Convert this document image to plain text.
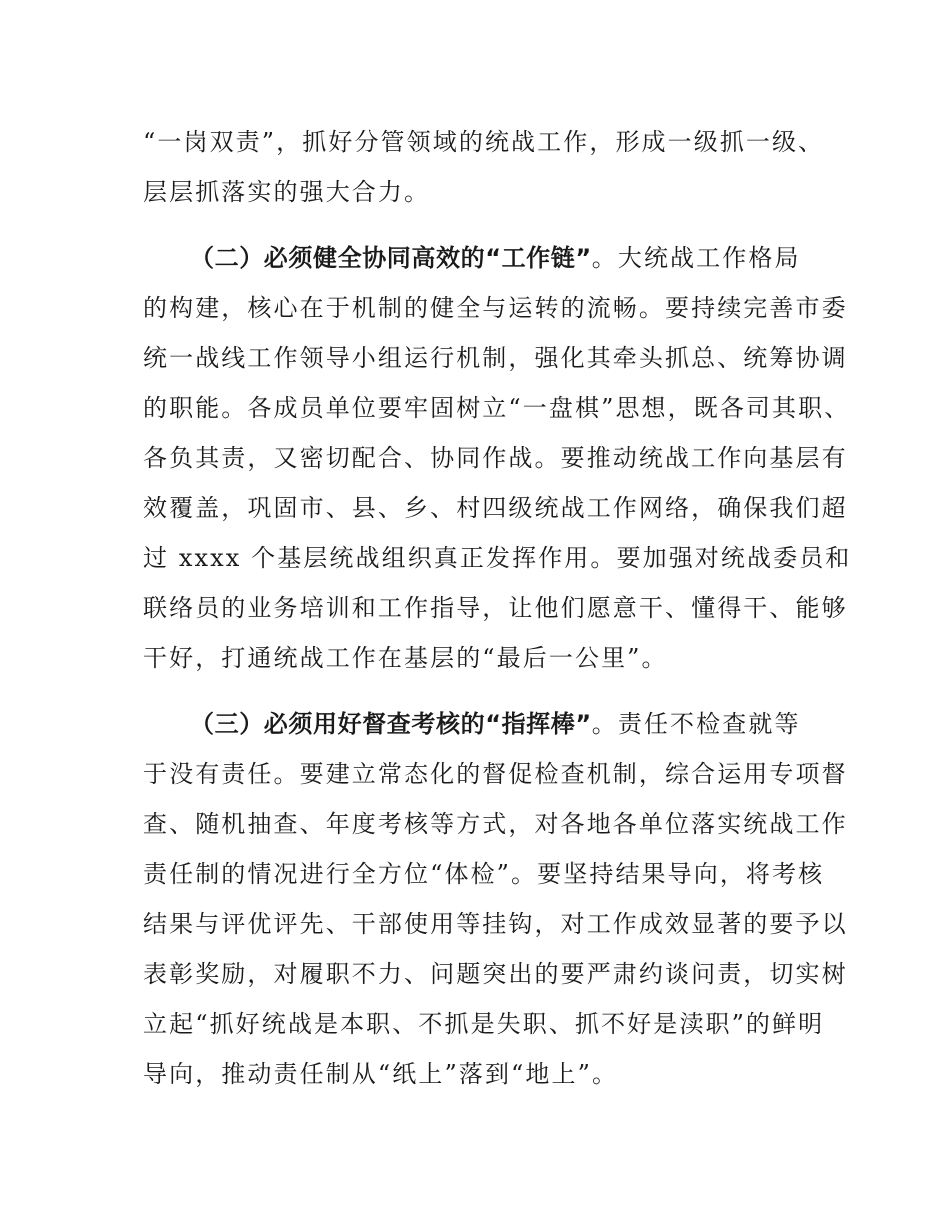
“一岗双责”，抓好分管领域的统战工作，形成一级抓一级、
层层抓落实的强大合力。
（二）必须健全协同高效的“工作链”。大统战工作格局
的构建，核心在于机制的健全与运转的流畅。要持续完善市委
统一战线工作领导小组运行机制，强化其牵头抓总、统筹协调
的职能。各成员单位要牢固树立“一盘棋”思想，既各司其职、
各负其责，又密切配合、协同作战。要推动统战工作向基层有
效覆盖，巩固市、县、乡、村四级统战工作网络，确保我们超
过 xxxx 个基层统战组织真正发挥作用。要加强对统战委员和
联络员的业务培训和工作指导，让他们愿意干、懂得干、能够
干好，打通统战工作在基层的“最后一公里”。
（三）必须用好督查考核的“指挥棒”。责任不检查就等
于没有责任。要建立常态化的督促检查机制，综合运用专项督
查、随机抽查、年度考核等方式，对各地各单位落实统战工作
责任制的情况进行全方位“体检”。要坚持结果导向，将考核
结果与评优评先、干部使用等挂钩，对工作成效显著的要予以
表彰奖励，对履职不力、问题突出的要严肃约谈问责，切实树
立起“抓好统战是本职、不抓是失职、抓不好是渎职”的鲜明
导向，推动责任制从“纸上”落到“地上”。
